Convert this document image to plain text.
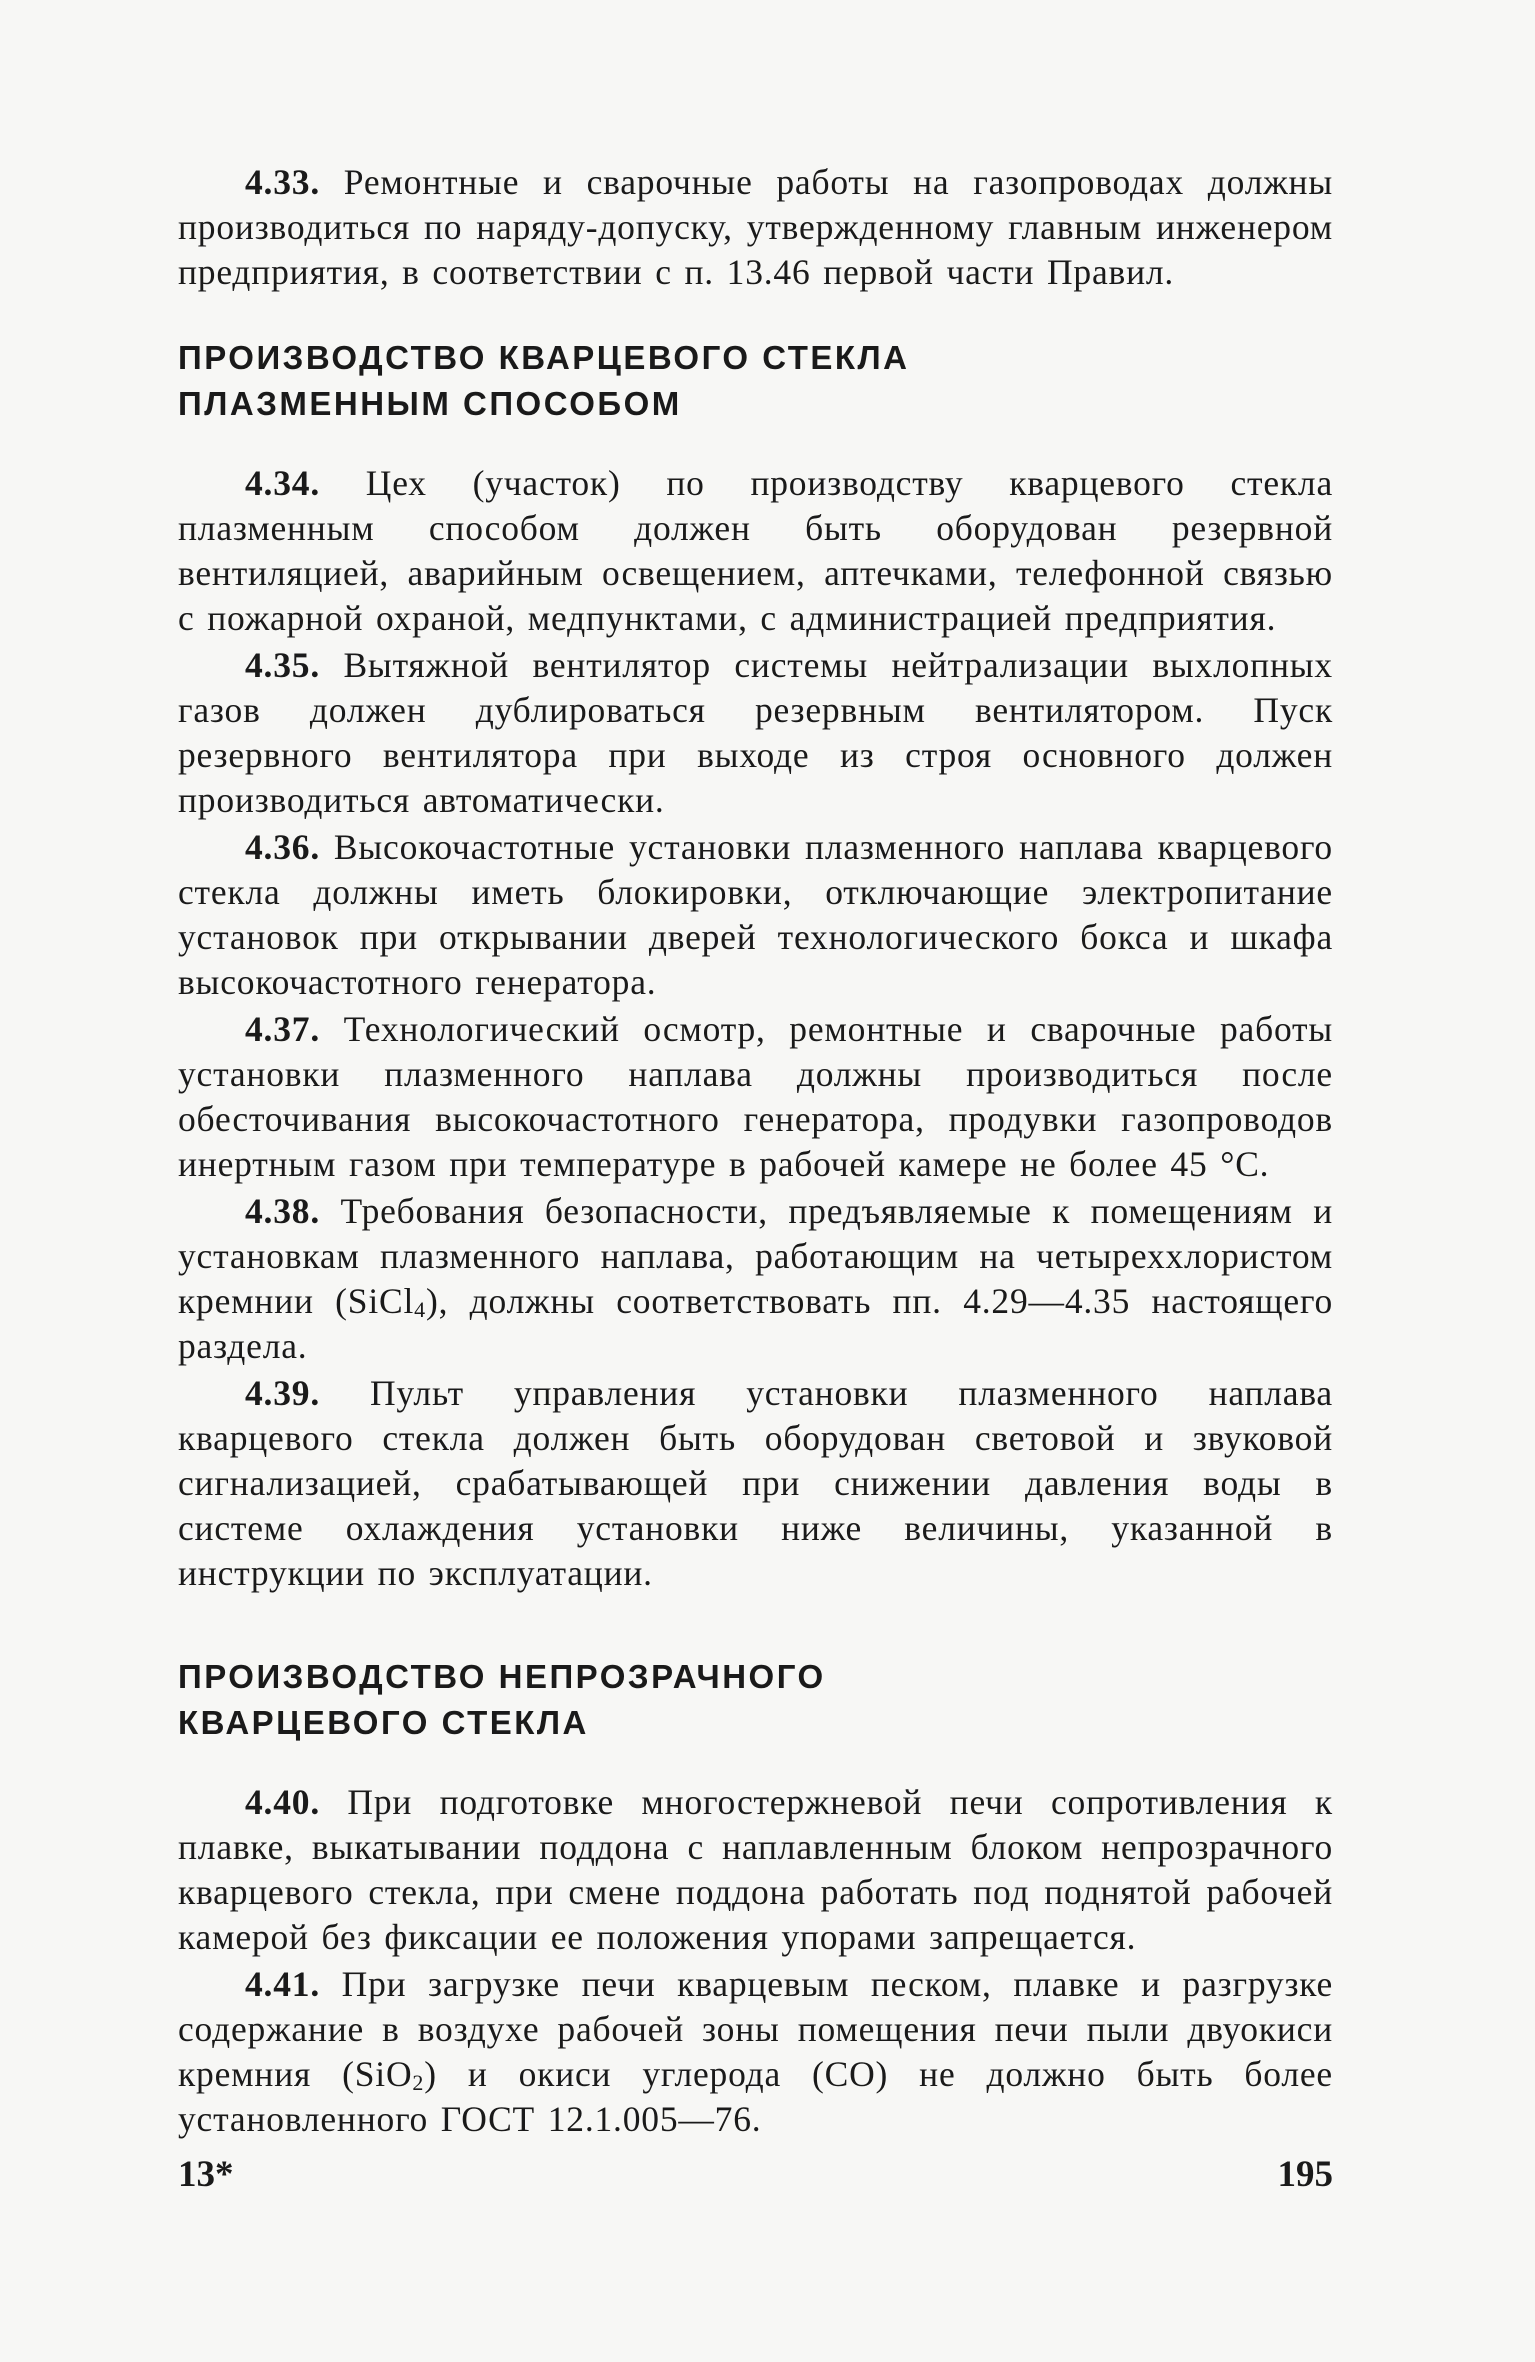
4.33. Ремонтные и сварочные работы на газопроводах должны производиться по наряду-допуску, утвержденному главным инженером предприятия, в соответствии с п. 13.46 первой части Правил.

ПРОИЗВОДСТВО КВАРЦЕВОГО СТЕКЛА
ПЛАЗМЕННЫМ СПОСОБОМ

4.34. Цех (участок) по производству кварцевого стекла плазменным способом должен быть оборудован резервной вентиляцией, аварийным освещением, аптечками, телефонной связью с пожарной охраной, медпунктами, с администрацией предприятия.

4.35. Вытяжной вентилятор системы нейтрализации выхлопных газов должен дублироваться резервным вентилятором. Пуск резервного вентилятора при выходе из строя основного должен производиться автоматически.

4.36. Высокочастотные установки плазменного наплава кварцевого стекла должны иметь блокировки, отключающие электропитание установок при открывании дверей технологического бокса и шкафа высокочастотного генератора.

4.37. Технологический осмотр, ремонтные и сварочные работы установки плазменного наплава должны производиться после обесточивания высокочастотного генератора, продувки газопроводов инертным газом при температуре в рабочей камере не более 45 °С.

4.38. Требования безопасности, предъявляемые к помещениям и установкам плазменного наплава, работающим на четыреххлористом кремнии (SiCl$_4$), должны соответствовать пп. 4.29—4.35 настоящего раздела.

4.39. Пульт управления установки плазменного наплава кварцевого стекла должен быть оборудован световой и звуковой сигнализацией, срабатывающей при снижении давления воды в системе охлаждения установки ниже величины, указанной в инструкции по эксплуатации.

ПРОИЗВОДСТВО НЕПРОЗРАЧНОГО
КВАРЦЕВОГО СТЕКЛА

4.40. При подготовке многостержневой печи сопротивления к плавке, выкатывании поддона с наплавленным блоком непрозрачного кварцевого стекла, при смене поддона работать под поднятой рабочей камерой без фиксации ее положения упорами запрещается.

4.41. При загрузке печи кварцевым песком, плавке и разгрузке содержание в воздухе рабочей зоны помещения печи пыли двуокиси кремния (SiO$_2$) и окиси углерода (CO) не должно быть более установленного ГОСТ 12.1.005—76.

13*	195
